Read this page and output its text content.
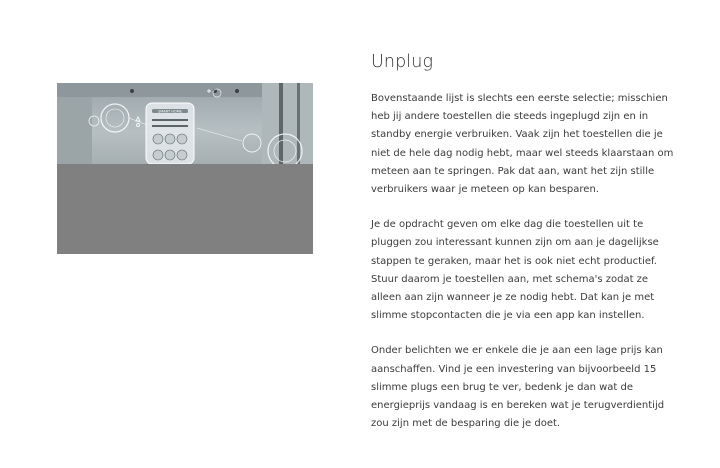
SMART HOME
Unplug

Bovenstaande lijst is slechts een eerste selectie; misschien heb jij andere toestellen die steeds ingeplugd zijn en in standby energie verbruiken. Vaak zijn het toestellen die je niet de hele dag nodig hebt, maar wel steeds klaarstaan om meteen aan te springen. Pak dat aan, want het zijn stille verbruikers waar je meteen op kan besparen.

Je de opdracht geven om elke dag die toestellen uit te pluggen zou interessant kunnen zijn om aan je dagelijkse stappen te geraken, maar het is ook niet echt productief. Stuur daarom je toestellen aan, met schema's zodat ze alleen aan zijn wanneer je ze nodig hebt. Dat kan je met slimme stopcontacten die je via een app kan instellen.

Onder belichten we er enkele die je aan een lage prijs kan aanschaffen. Vind je een investering van bijvoorbeeld 15 slimme plugs een brug te ver, bedenk je dan wat de energieprijs vandaag is en bereken wat je terugverdientijd zou zijn met de besparing die je doet.
